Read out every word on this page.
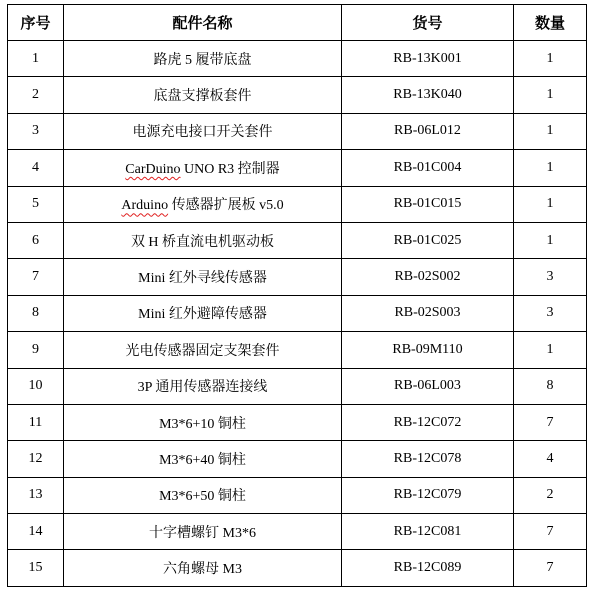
序号	配件名称	货号	数量
1	路虎 5 履带底盘	RB-13K001	1
2	底盘支撑板套件	RB-13K040	1
3	电源充电接口开关套件	RB-06L012	1
4	CarDuino UNO R3 控制器	RB-01C004	1
5	Arduino 传感器扩展板 v5.0	RB-01C015	1
6	双 H 桥直流电机驱动板	RB-01C025	1
7	Mini 红外寻线传感器	RB-02S002	3
8	Mini 红外避障传感器	RB-02S003	3
9	光电传感器固定支架套件	RB-09M110	1
10	3P 通用传感器连接线	RB-06L003	8
11	M3*6+10 铜柱	RB-12C072	7
12	M3*6+40 铜柱	RB-12C078	4
13	M3*6+50 铜柱	RB-12C079	2
14	十字槽螺钉 M3*6	RB-12C081	7
15	六角螺母 M3	RB-12C089	7
